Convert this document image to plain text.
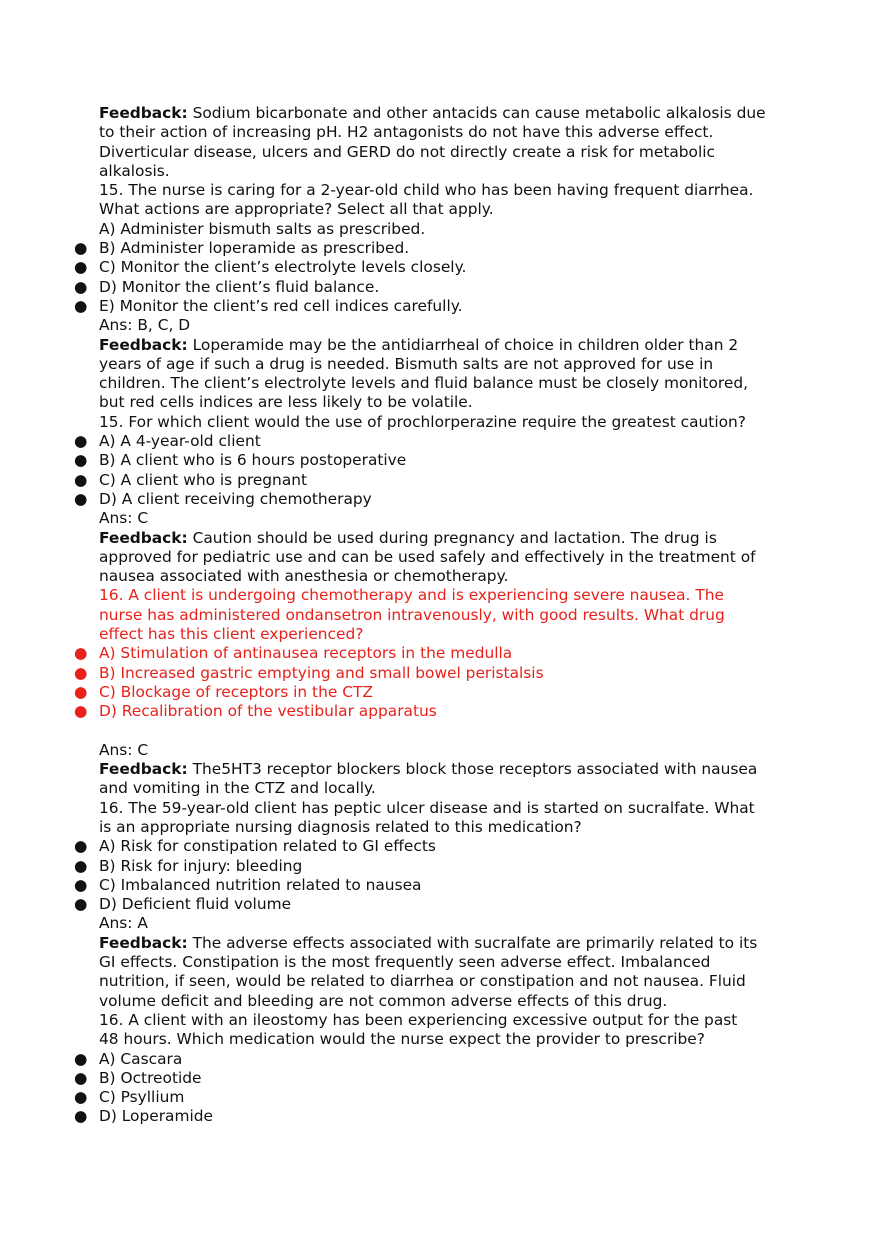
Feedback: Sodium bicarbonate and other antacids can cause metabolic alkalosis due
to their action of increasing pH. H2 antagonists do not have this adverse effect.
Diverticular disease, ulcers and GERD do not directly create a risk for metabolic
alkalosis.
15. The nurse is caring for a 2-year-old child who has been having frequent diarrhea.
What actions are appropriate? Select all that apply.
A) Administer bismuth salts as prescribed.
● B) Administer loperamide as prescribed.
● C) Monitor the client’s electrolyte levels closely.
● D) Monitor the client’s fluid balance.
● E) Monitor the client’s red cell indices carefully.
Ans: B, C, D
Feedback: Loperamide may be the antidiarrheal of choice in children older than 2
years of age if such a drug is needed. Bismuth salts are not approved for use in
children. The client’s electrolyte levels and fluid balance must be closely monitored,
but red cells indices are less likely to be volatile.
15. For which client would the use of prochlorperazine require the greatest caution?
● A) A 4-year-old client
● B) A client who is 6 hours postoperative
● C) A client who is pregnant
● D) A client receiving chemotherapy
Ans: C
Feedback: Caution should be used during pregnancy and lactation. The drug is
approved for pediatric use and can be used safely and effectively in the treatment of
nausea associated with anesthesia or chemotherapy.
16. A client is undergoing chemotherapy and is experiencing severe nausea. The
nurse has administered ondansetron intravenously, with good results. What drug
effect has this client experienced?
● A) Stimulation of antinausea receptors in the medulla
● B) Increased gastric emptying and small bowel peristalsis
● C) Blockage of receptors in the CTZ
● D) Recalibration of the vestibular apparatus
Ans: C
Feedback: The5HT3 receptor blockers block those receptors associated with nausea
and vomiting in the CTZ and locally.
16. The 59-year-old client has peptic ulcer disease and is started on sucralfate. What
is an appropriate nursing diagnosis related to this medication?
● A) Risk for constipation related to GI effects
● B) Risk for injury: bleeding
● C) Imbalanced nutrition related to nausea
● D) Deficient fluid volume
Ans: A
Feedback: The adverse effects associated with sucralfate are primarily related to its
GI effects. Constipation is the most frequently seen adverse effect. Imbalanced
nutrition, if seen, would be related to diarrhea or constipation and not nausea. Fluid
volume deficit and bleeding are not common adverse effects of this drug.
16. A client with an ileostomy has been experiencing excessive output for the past
48 hours. Which medication would the nurse expect the provider to prescribe?
● A) Cascara
● B) Octreotide
● C) Psyllium
● D) Loperamide
